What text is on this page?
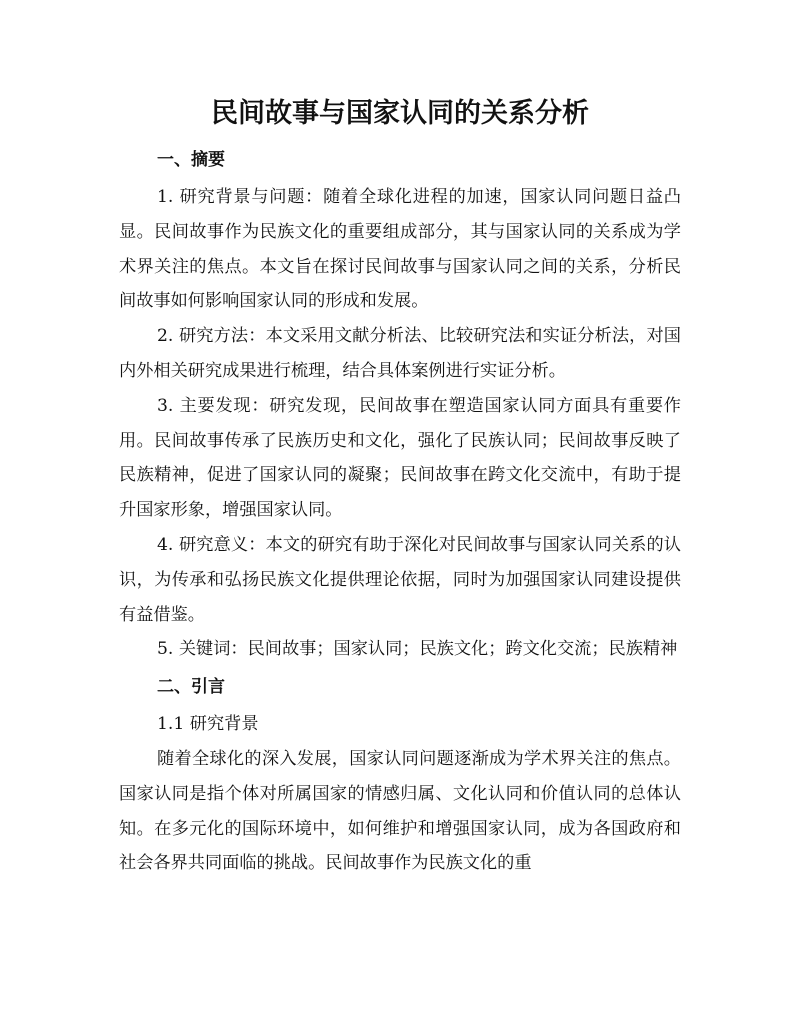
民间故事与国家认同的关系分析
一、摘要

1. 研究背景与问题：随着全球化进程的加速，国家认同问题日益凸显。民间故事作为民族文化的重要组成部分，其与国家认同的关系成为学术界关注的焦点。本文旨在探讨民间故事与国家认同之间的关系，分析民间故事如何影响国家认同的形成和发展。

2. 研究方法：本文采用文献分析法、比较研究法和实证分析法，对国内外相关研究成果进行梳理，结合具体案例进行实证分析。

3. 主要发现：研究发现，民间故事在塑造国家认同方面具有重要作用。民间故事传承了民族历史和文化，强化了民族认同；民间故事反映了民族精神，促进了国家认同的凝聚；民间故事在跨文化交流中，有助于提升国家形象，增强国家认同。

4. 研究意义：本文的研究有助于深化对民间故事与国家认同关系的认识，为传承和弘扬民族文化提供理论依据，同时为加强国家认同建设提供有益借鉴。

5. 关键词：民间故事；国家认同；民族文化；跨文化交流；民族精神

二、引言

1.1 研究背景

随着全球化的深入发展，国家认同问题逐渐成为学术界关注的焦点。国家认同是指个体对所属国家的情感归属、文化认同和价值认同的总体认知。在多元化的国际环境中，如何维护和增强国家认同，成为各国政府和社会各界共同面临的挑战。民间故事作为民族文化的重
